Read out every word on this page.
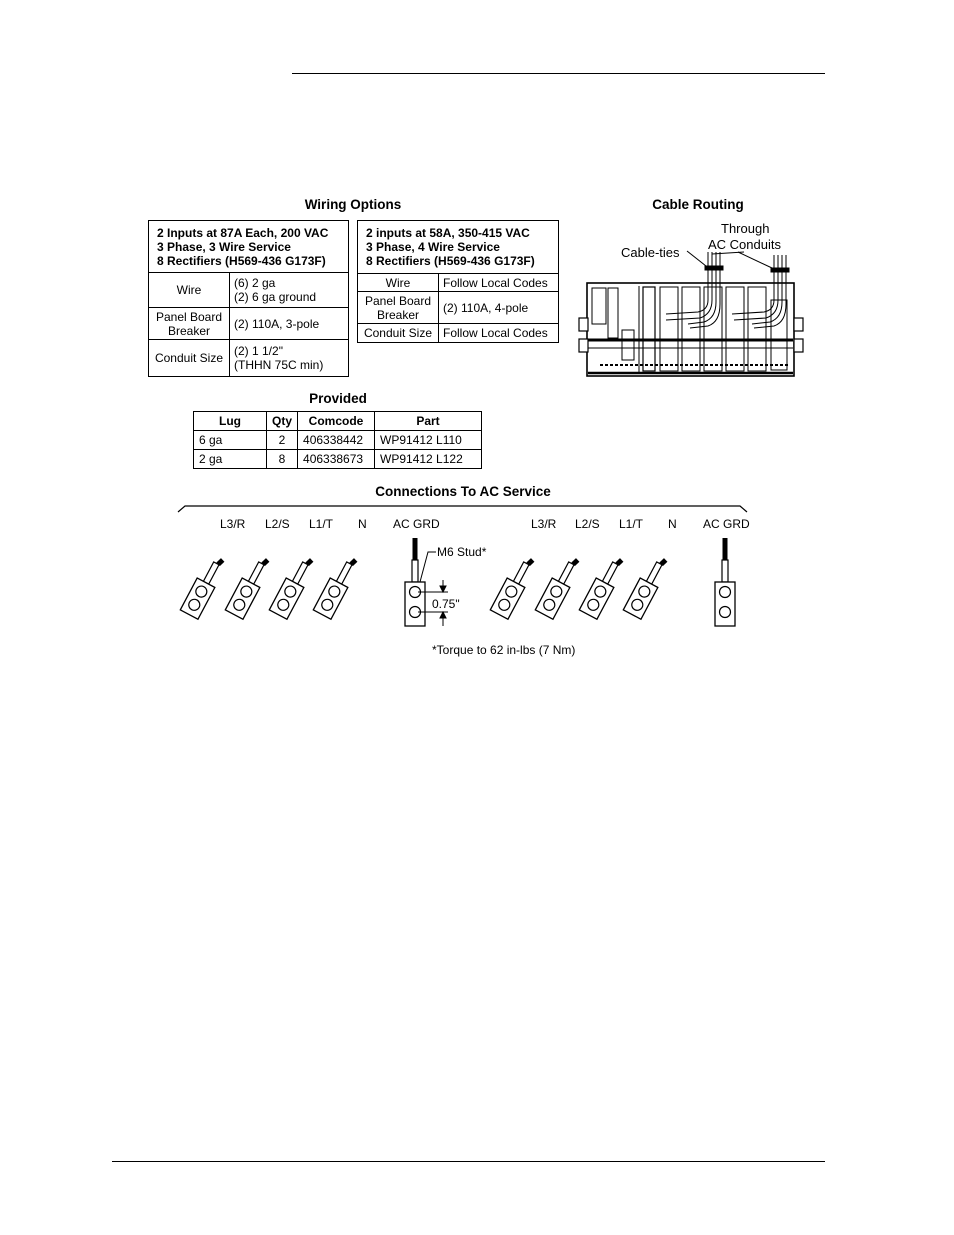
Wiring Options
2 Inputs at 87A Each, 200 VAC
3 Phase, 3 Wire Service
8 Rectifiers (H569-436 G173F)	

Wire	(6) 2 ga
(2) 6 ga ground

Panel Board
Breaker	(2) 110A, 3-pole
Conduit Size	(2) 1 1/2"
(THHN 75C min)
2 inputs at 58A, 350-415 VAC
3 Phase, 4 Wire Service
8 Rectifiers (H569-436 G173F)	

Wire	Follow Local Codes

Panel Board
Breaker	(2) 110A, 4-pole
Conduit Size	Follow Local Codes
Cable Routing
Through
AC Conduits
Cable-ties
Provided
Lug	Qty	Comcode	Part
6 ga	2	406338442	WP91412 L110
2 ga	8	406338673	WP91412 L122
Connections To AC Service
L3/R L2/S L1/T N AC GRD	L3/R L2/S L1/T N AC GRD
M6 Stud*
0.75"
*Torque to 62 in-lbs (7 Nm)
